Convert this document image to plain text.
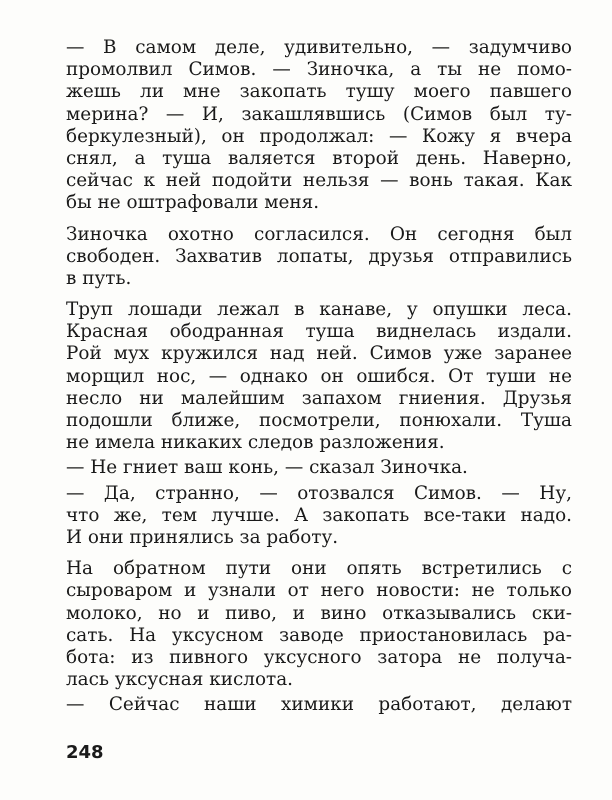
— В самом деле, удивительно, — задумчиво
промолвил Симов. — Зиночка, а ты не помо-
жешь ли мне закопать тушу моего павшего
мерина? — И, закашлявшись (Симов был ту-
беркулезный), он продолжал: — Кожу я вчера
снял, а туша валяется второй день. Наверно,
сейчас к ней подойти нельзя — вонь такая. Как
бы не оштрафовали меня.
Зиночка охотно согласился. Он сегодня был
свободен. Захватив лопаты, друзья отправились
в путь.
Труп лошади лежал в канаве, у опушки леса.
Красная ободранная туша виднелась издали.
Рой мух кружился над ней. Симов уже заранее
морщил нос, — однако он ошибся. От туши не
несло ни малейшим запахом гниения. Друзья
подошли ближе, посмотрели, понюхали. Туша
не имела никаких следов разложения.
— Не гниет ваш конь, — сказал Зиночка.
— Да, странно, — отозвался Симов. — Ну,
что же, тем лучше. А закопать все-таки надо.
И они принялись за работу.
На обратном пути они опять встретились с
сыроваром и узнали от него новости: не только
молоко, но и пиво, и вино отказывались ски-
сать. На уксусном заводе приостановилась ра-
бота: из пивного уксусного затора не получа-
лась уксусная кислота.
— Сейчас наши химики работают, делают
248
